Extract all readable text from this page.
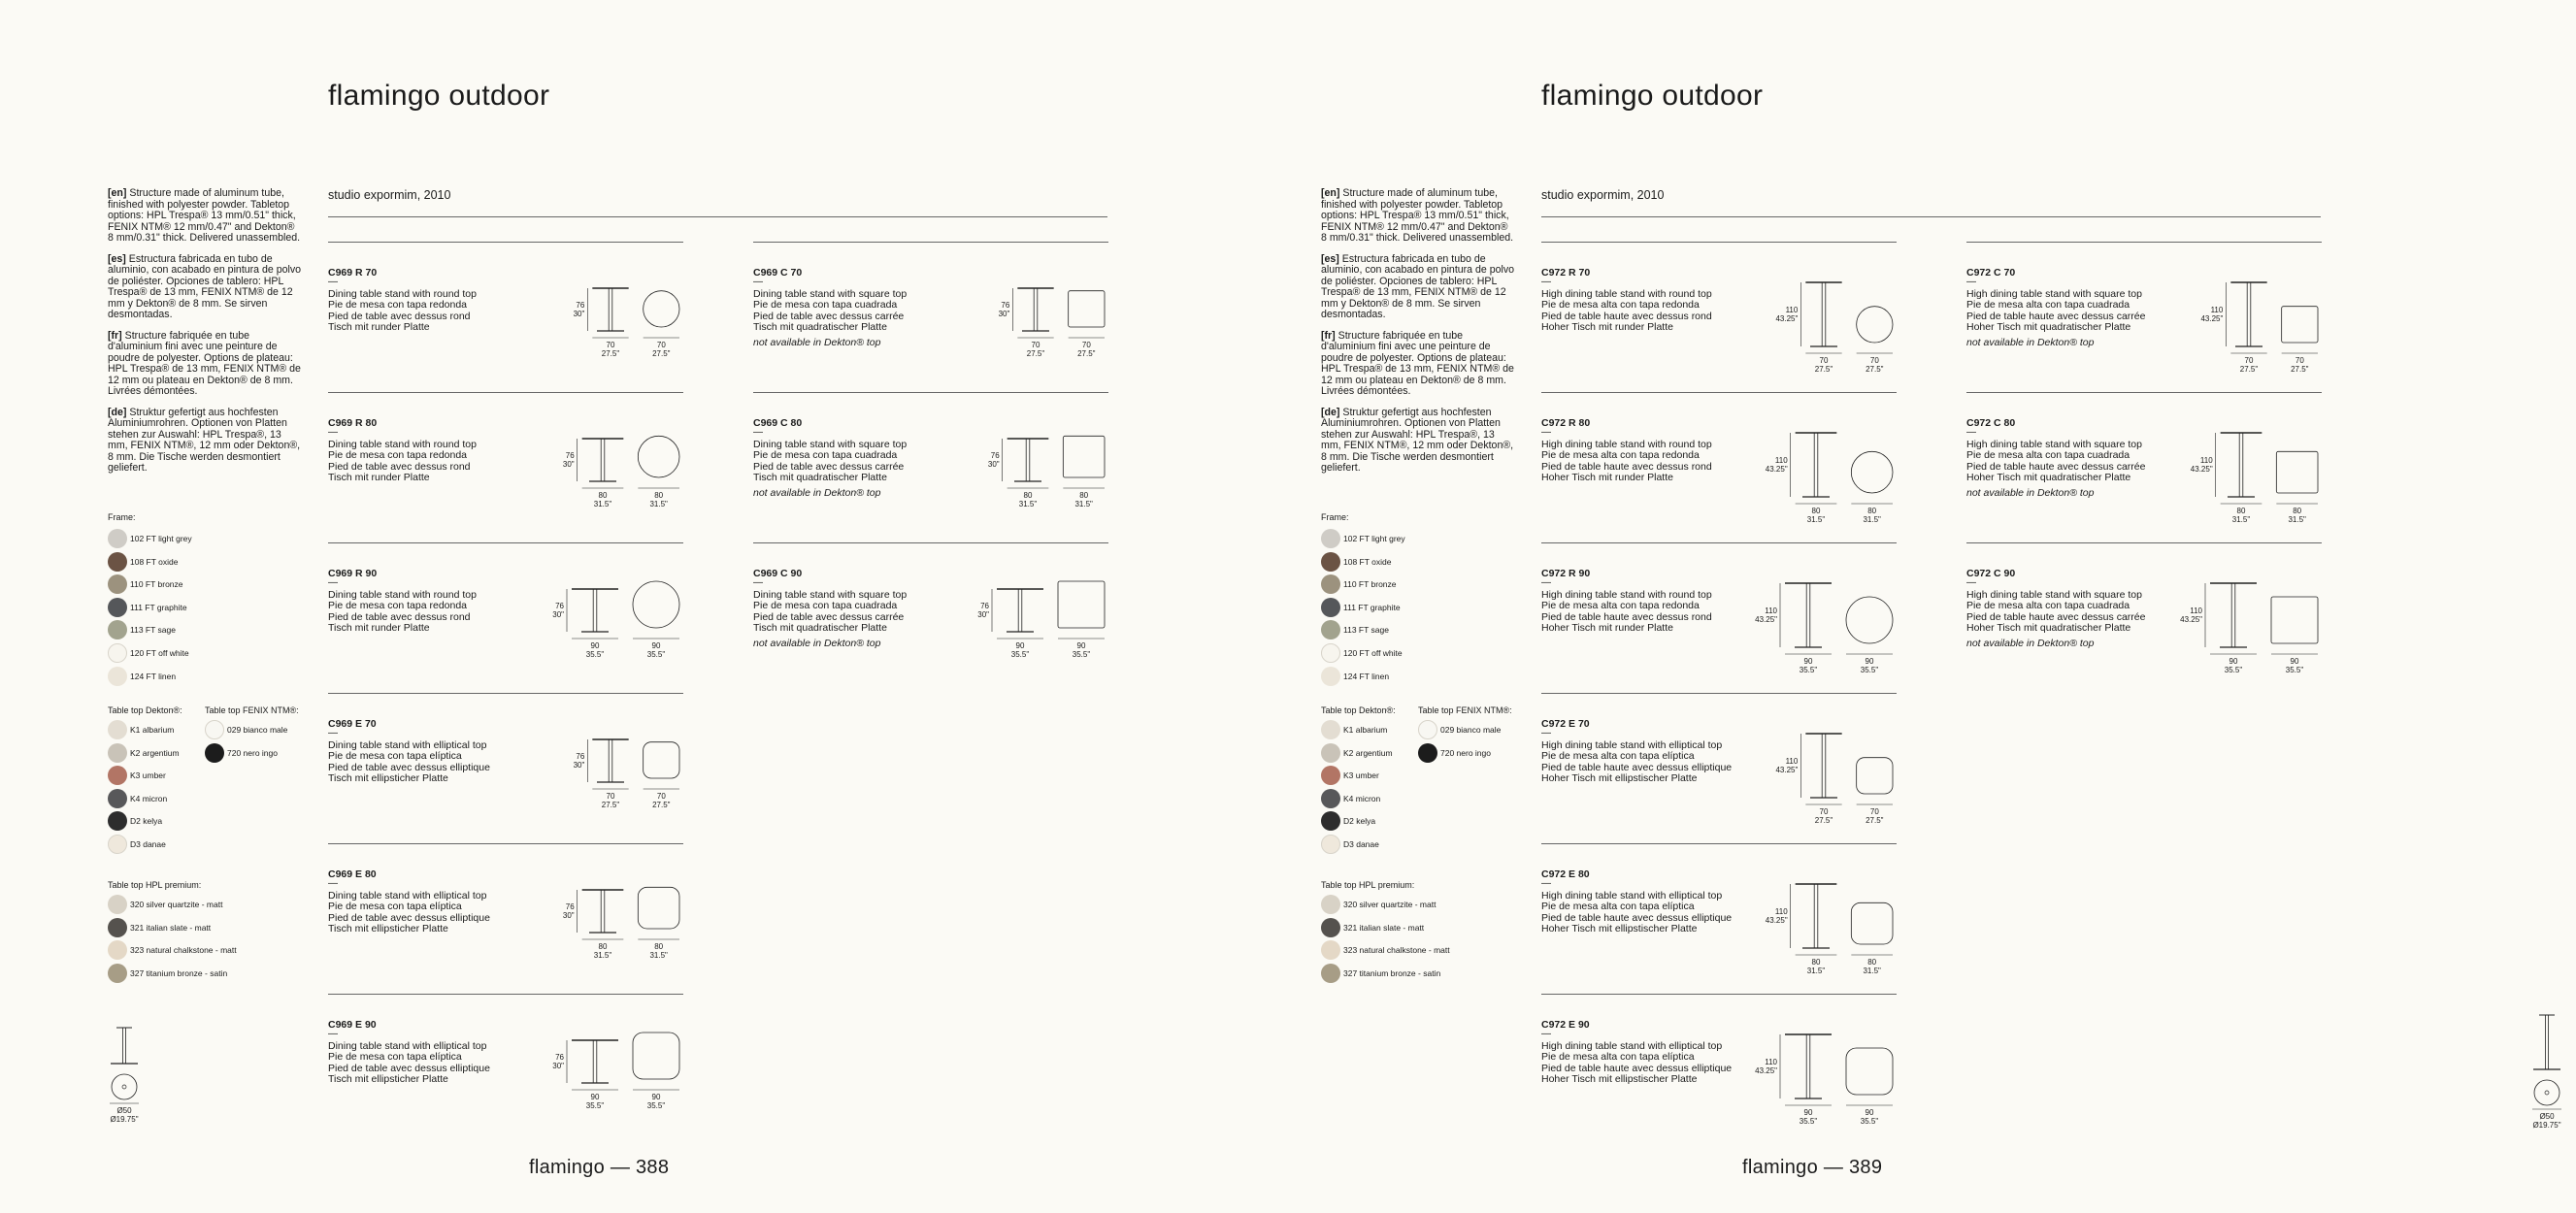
flamingo outdoor
studio expormim, 2010

[en] Structure made of aluminum tube, finished with polyester powder. Tabletop options: HPL Trespa® 13 mm/0.51" thick, FENIX NTM® 12 mm/0.47" and Dekton® 8 mm/0.31" thick. Delivered unassembled.

[es] Estructura fabricada en tubo de aluminio, con acabado en pintura de polvo de poliéster. Opciones de tablero: HPL Trespa® de 13 mm, FENIX NTM® de 12 mm y Dekton® de 8 mm. Se sirven desmontadas.

[fr] Structure fabriquée en tube d'aluminium fini avec une peinture de poudre de polyester. Options de plateau: HPL Trespa® de 13 mm, FENIX NTM® de 12 mm ou plateau en Dekton® de 8 mm. Livrées démontées.

[de] Struktur gefertigt aus hochfesten Aluminiumrohren. Optionen von Platten stehen zur Auswahl: HPL Trespa®, 13 mm, FENIX NTM®, 12 mm oder Dekton®, 8 mm. Die Tische werden desmontiert geliefert.

Frame:
102 FT light grey
108 FT oxide
110 FT bronze
111 FT graphite
113 FT sage
120 FT off white
124 FT linen
Table top Dekton®:
K1 albarium
K2 argentium
K3 umber
K4 micron
D2 kelya
D3 danae
Table top FENIX NTM®:
029 bianco male
720 nero ingo
Table top HPL premium:
320 silver quartzite - matt
321 italian slate - matt
323 natural chalkstone - matt
327 titanium bronze - satin
Ø50
Ø19.75"
C969 R 70
—
Dining table stand with round top
Pie de mesa con tapa redonda
Pied de table avec dessus rond
Tisch mit runder Platte
76
30"
70
27.5"
70
27.5"
C969 R 80
—
Dining table stand with round top
Pie de mesa con tapa redonda
Pied de table avec dessus rond
Tisch mit runder Platte
76
30"
80
31.5"
80
31.5"
C969 R 90
—
Dining table stand with round top
Pie de mesa con tapa redonda
Pied de table avec dessus rond
Tisch mit runder Platte
76
30"
90
35.5"
90
35.5"
C969 E 70
—
Dining table stand with elliptical top
Pie de mesa con tapa elíptica
Pied de table avec dessus elliptique
Tisch mit ellipsticher Platte
76
30"
70
27.5"
70
27.5"
C969 E 80
—
Dining table stand with elliptical top
Pie de mesa con tapa elíptica
Pied de table avec dessus elliptique
Tisch mit ellipsticher Platte
76
30"
80
31.5"
80
31.5"
C969 E 90
—
Dining table stand with elliptical top
Pie de mesa con tapa elíptica
Pied de table avec dessus elliptique
Tisch mit ellipsticher Platte
76
30"
90
35.5"
90
35.5"
C969 C 70
—
Dining table stand with square top
Pie de mesa con tapa cuadrada
Pied de table avec dessus carrée
Tisch mit quadratischer Platte
not available in Dekton® top
76
30"
70
27.5"
70
27.5"
C969 C 80
—
Dining table stand with square top
Pie de mesa con tapa cuadrada
Pied de table avec dessus carrée
Tisch mit quadratischer Platte
not available in Dekton® top
76
30"
80
31.5"
80
31.5"
C969 C 90
—
Dining table stand with square top
Pie de mesa con tapa cuadrada
Pied de table avec dessus carrée
Tisch mit quadratischer Platte
not available in Dekton® top
76
30"
90
35.5"
90
35.5"
flamingo — 388
flamingo outdoor
studio expormim, 2010

[en] Structure made of aluminum tube, finished with polyester powder. Tabletop options: HPL Trespa® 13 mm/0.51" thick, FENIX NTM® 12 mm/0.47" and Dekton® 8 mm/0.31" thick. Delivered unassembled.

[es] Estructura fabricada en tubo de aluminio, con acabado en pintura de polvo de poliéster. Opciones de tablero: HPL Trespa® de 13 mm, FENIX NTM® de 12 mm y Dekton® de 8 mm. Se sirven desmontadas.

[fr] Structure fabriquée en tube d'aluminium fini avec une peinture de poudre de polyester. Options de plateau: HPL Trespa® de 13 mm, FENIX NTM® de 12 mm ou plateau en Dekton® de 8 mm. Livrées démontées.

[de] Struktur gefertigt aus hochfesten Aluminiumrohren. Optionen von Platten stehen zur Auswahl: HPL Trespa®, 13 mm, FENIX NTM®, 12 mm oder Dekton®, 8 mm. Die Tische werden desmontiert geliefert.

Frame:
102 FT light grey
108 FT oxide
110 FT bronze
111 FT graphite
113 FT sage
120 FT off white
124 FT linen
Table top Dekton®:
K1 albarium
K2 argentium
K3 umber
K4 micron
D2 kelya
D3 danae
Table top FENIX NTM®:
029 bianco male
720 nero ingo
Table top HPL premium:
320 silver quartzite - matt
321 italian slate - matt
323 natural chalkstone - matt
327 titanium bronze - satin
Ø50
Ø19.75"
C972 R 70
—
High dining table stand with round top
Pie de mesa alta con tapa redonda
Pied de table haute avec dessus rond
Hoher Tisch mit runder Platte
110
43.25"
70
27.5"
70
27.5"
C972 R 80
—
High dining table stand with round top
Pie de mesa alta con tapa redonda
Pied de table haute avec dessus rond
Hoher Tisch mit runder Platte
110
43.25"
80
31.5"
80
31.5"
C972 R 90
—
High dining table stand with round top
Pie de mesa alta con tapa redonda
Pied de table haute avec dessus rond
Hoher Tisch mit runder Platte
110
43.25"
90
35.5"
90
35.5"
C972 E 70
—
High dining table stand with elliptical top
Pie de mesa alta con tapa elíptica
Pied de table haute avec dessus elliptique
Hoher Tisch mit ellipstischer Platte
110
43.25"
70
27.5"
70
27.5"
C972 E 80
—
High dining table stand with elliptical top
Pie de mesa alta con tapa elíptica
Pied de table haute avec dessus elliptique
Hoher Tisch mit ellipstischer Platte
110
43.25"
80
31.5"
80
31.5"
C972 E 90
—
High dining table stand with elliptical top
Pie de mesa alta con tapa elíptica
Pied de table haute avec dessus elliptique
Hoher Tisch mit ellipstischer Platte
110
43.25"
90
35.5"
90
35.5"
C972 C 70
—
High dining table stand with square top
Pie de mesa alta con tapa cuadrada
Pied de table haute avec dessus carrée
Hoher Tisch mit quadratischer Platte
not available in Dekton® top
110
43.25"
70
27.5"
70
27.5"
C972 C 80
—
High dining table stand with square top
Pie de mesa alta con tapa cuadrada
Pied de table haute avec dessus carrée
Hoher Tisch mit quadratischer Platte
not available in Dekton® top
110
43.25"
80
31.5"
80
31.5"
C972 C 90
—
High dining table stand with square top
Pie de mesa alta con tapa cuadrada
Pied de table haute avec dessus carrée
Hoher Tisch mit quadratischer Platte
not available in Dekton® top
110
43.25"
90
35.5"
90
35.5"
flamingo — 389
